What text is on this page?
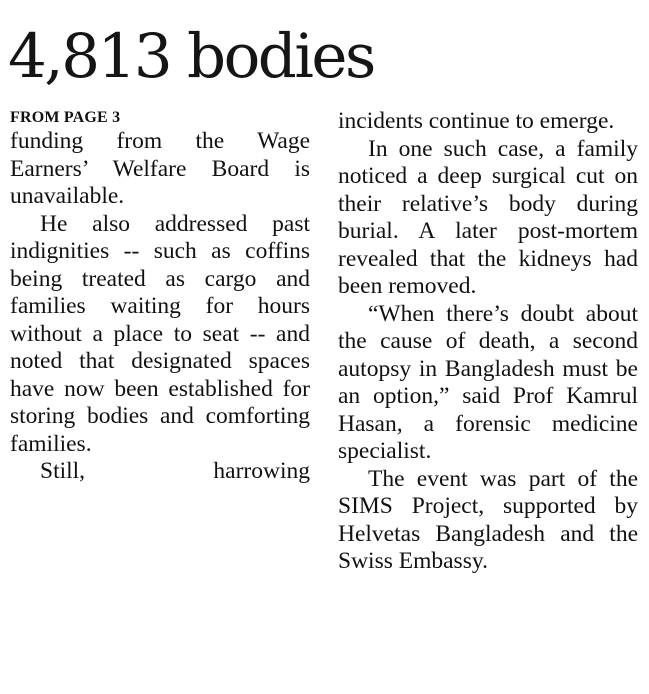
4,813 bodies
FROM PAGE 3

funding from the Wage Earners’ Welfare Board is unavailable.

He also addressed past indignities -- such as coffins being treated as cargo and families waiting for hours without a place to seat -- and noted that designated spaces have now been established for storing bodies and comforting families.

Still, harrowing

incidents continue to emerge.

In one such case, a family noticed a deep surgical cut on their relative’s body during burial. A later post-mortem revealed that the kidneys had been removed.

“When there’s doubt about the cause of death, a second autopsy in Bangladesh must be an option,” said Prof Kamrul Hasan, a forensic medicine specialist.

The event was part of the SIMS Project, supported by Helvetas Bangladesh and the Swiss Embassy.
